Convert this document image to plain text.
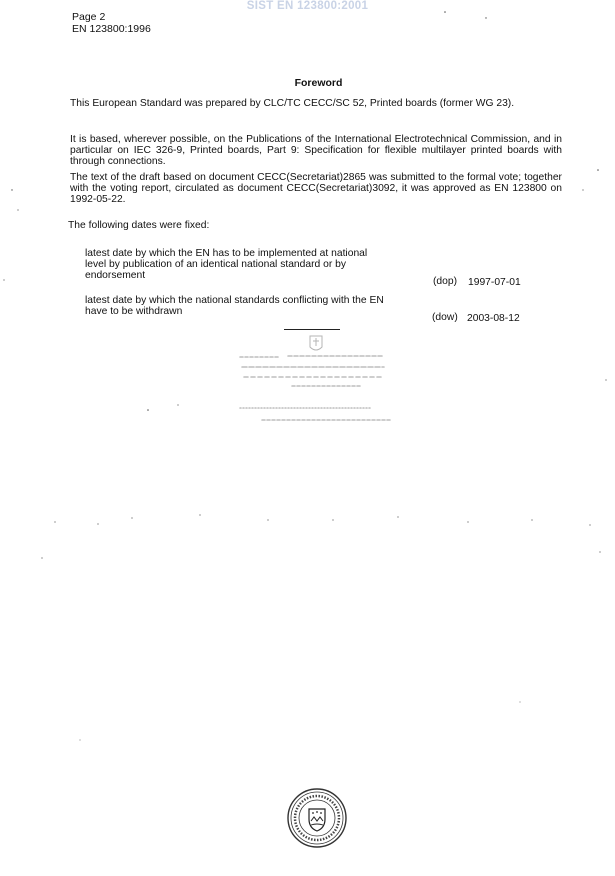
SIST EN 123800:2001
Page 2
EN 123800:1996
Foreword
This European Standard was prepared by CLC/TC CECC/SC 52, Printed boards (former WG 23).
It is based, wherever possible, on the Publications of the International Electrotechnical Commission, and in particular on IEC 326-9, Printed boards, Part 9: Specification for flexible multilayer printed boards with through connections.
The text of the draft based on document CECC(Secretariat)2865 was submitted to the formal vote; together with the voting report, circulated as document CECC(Secretariat)3092, it was approved as EN 123800 on 1992-05-22.
The following dates were fixed:
latest date by which the EN has to be implemented at national level by publication of an identical national standard or by endorsement
(dop) 1997-07-01
latest date by which the national standards conflicting with the EN have to be withdrawn
(dow) 2003-08-12
